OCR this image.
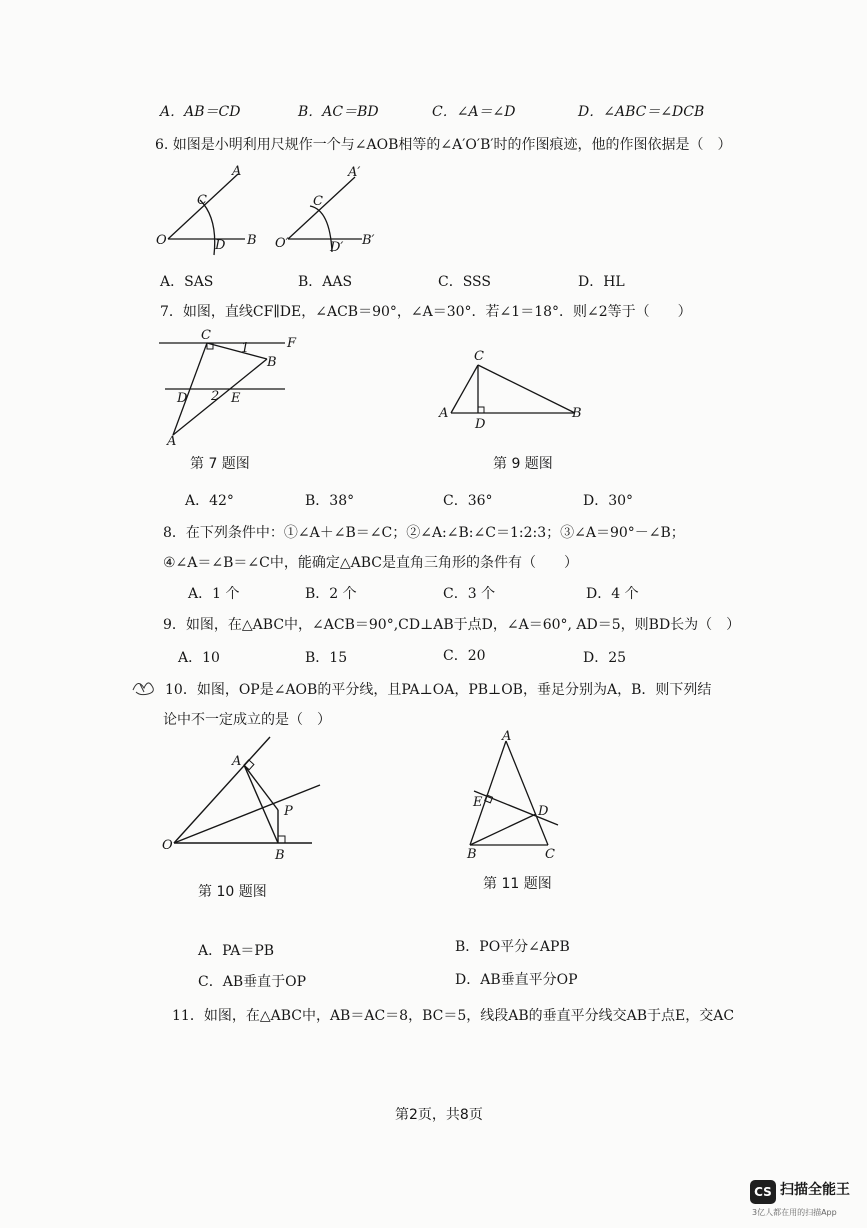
A．AB＝CD	B．AC＝BD	C．∠A＝∠D	D．∠ABC＝∠DCB
6. 如图是小明利用尺规作一个与∠AOB相等的∠A′O′B′时的作图痕迹，他的作图依据是（　）
A
C
O	D B
A′
C
O′	D′ B′
A．SAS	B．AAS	C．SSS	D．HL
7．如图，直线CF∥DE，∠ACB＝90°，∠A＝30°．若∠1＝18°．则∠2等于（　　）
C
1	F
B
D 2 E
A
第 7 题图
C
A
D
B
第 9 题图
A．42°	B．38°	C．36°	D．30°
8．在下列条件中：①∠A＋∠B＝∠C；②∠A:∠B:∠C＝1:2:3；③∠A＝90°－∠B；
④∠A＝∠B＝∠C中，能确定△ABC是直角三角形的条件有（　　）
A．1 个	B．2 个	C．3 个	D．4 个
9．如图，在△ABC中，∠ACB＝90°,CD⊥AB于点D，∠A＝60°, AD＝5，则BD长为（　）
A．10	B．15	C．20	D．25
10．如图，OP是∠AOB的平分线，且PA⊥OA，PB⊥OB，垂足分别为A，B．则下列结
论中不一定成立的是（　）
A
P
O
B
第 10 题图
A
E
D
B	C
第 11 题图
A．PA＝PB	B．PO平分∠APB
C．AB垂直于OP	D．AB垂直平分OP
11．如图，在△ABC中，AB＝AC＝8，BC＝5，线段AB的垂直平分线交AB于点E，交AC
第2页，共8页
CS 扫描全能王
3亿人都在用的扫描App
